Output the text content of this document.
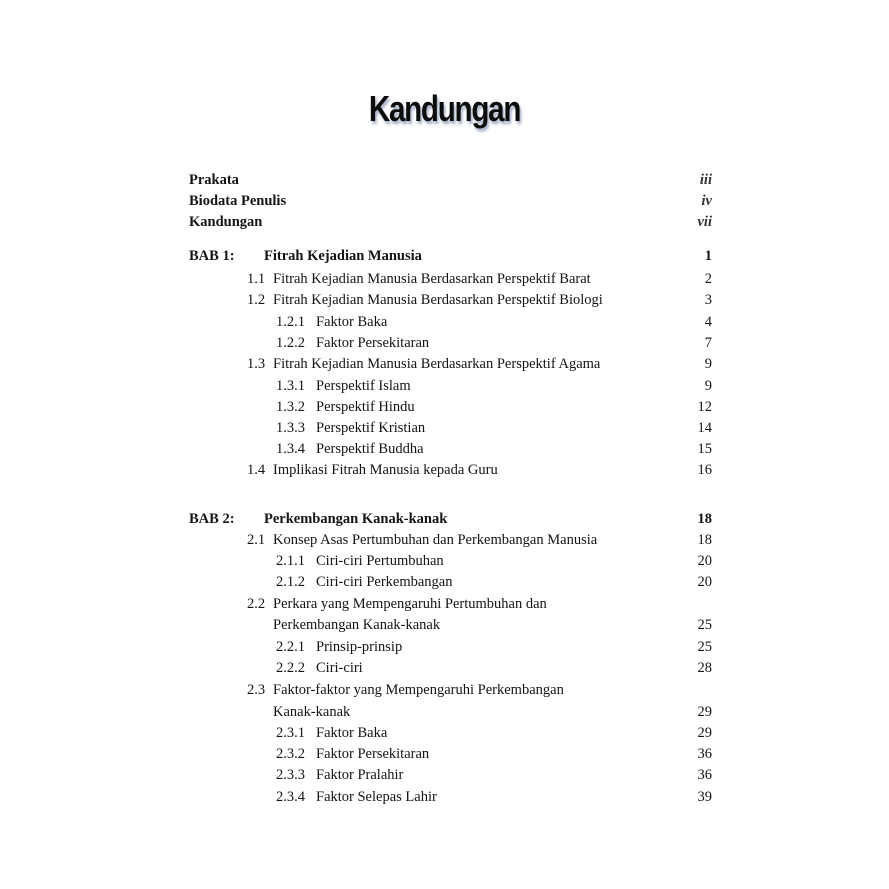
Kandungan
Prakata	iii
Biodata Penulis	iv
Kandungan	vii
BAB 1: Fitrah Kejadian Manusia	1
1.1 Fitrah Kejadian Manusia Berdasarkan Perspektif Barat	2
1.2 Fitrah Kejadian Manusia Berdasarkan Perspektif Biologi	3
1.2.1 Faktor Baka	4
1.2.2 Faktor Persekitaran	7
1.3 Fitrah Kejadian Manusia Berdasarkan Perspektif Agama	9
1.3.1 Perspektif Islam	9
1.3.2 Perspektif Hindu	12
1.3.3 Perspektif Kristian	14
1.3.4 Perspektif Buddha	15
1.4 Implikasi Fitrah Manusia kepada Guru	16
BAB 2: Perkembangan Kanak-kanak	18
2.1 Konsep Asas Pertumbuhan dan Perkembangan Manusia	18
2.1.1 Ciri-ciri Pertumbuhan	20
2.1.2 Ciri-ciri Perkembangan	20
2.2 Perkara yang Mempengaruhi Pertumbuhan dan
Perkembangan Kanak-kanak	25
2.2.1 Prinsip-prinsip	25
2.2.2 Ciri-ciri	28
2.3 Faktor-faktor yang Mempengaruhi Perkembangan
Kanak-kanak	29
2.3.1 Faktor Baka	29
2.3.2 Faktor Persekitaran	36
2.3.3 Faktor Pralahir	36
2.3.4 Faktor Selepas Lahir	39
